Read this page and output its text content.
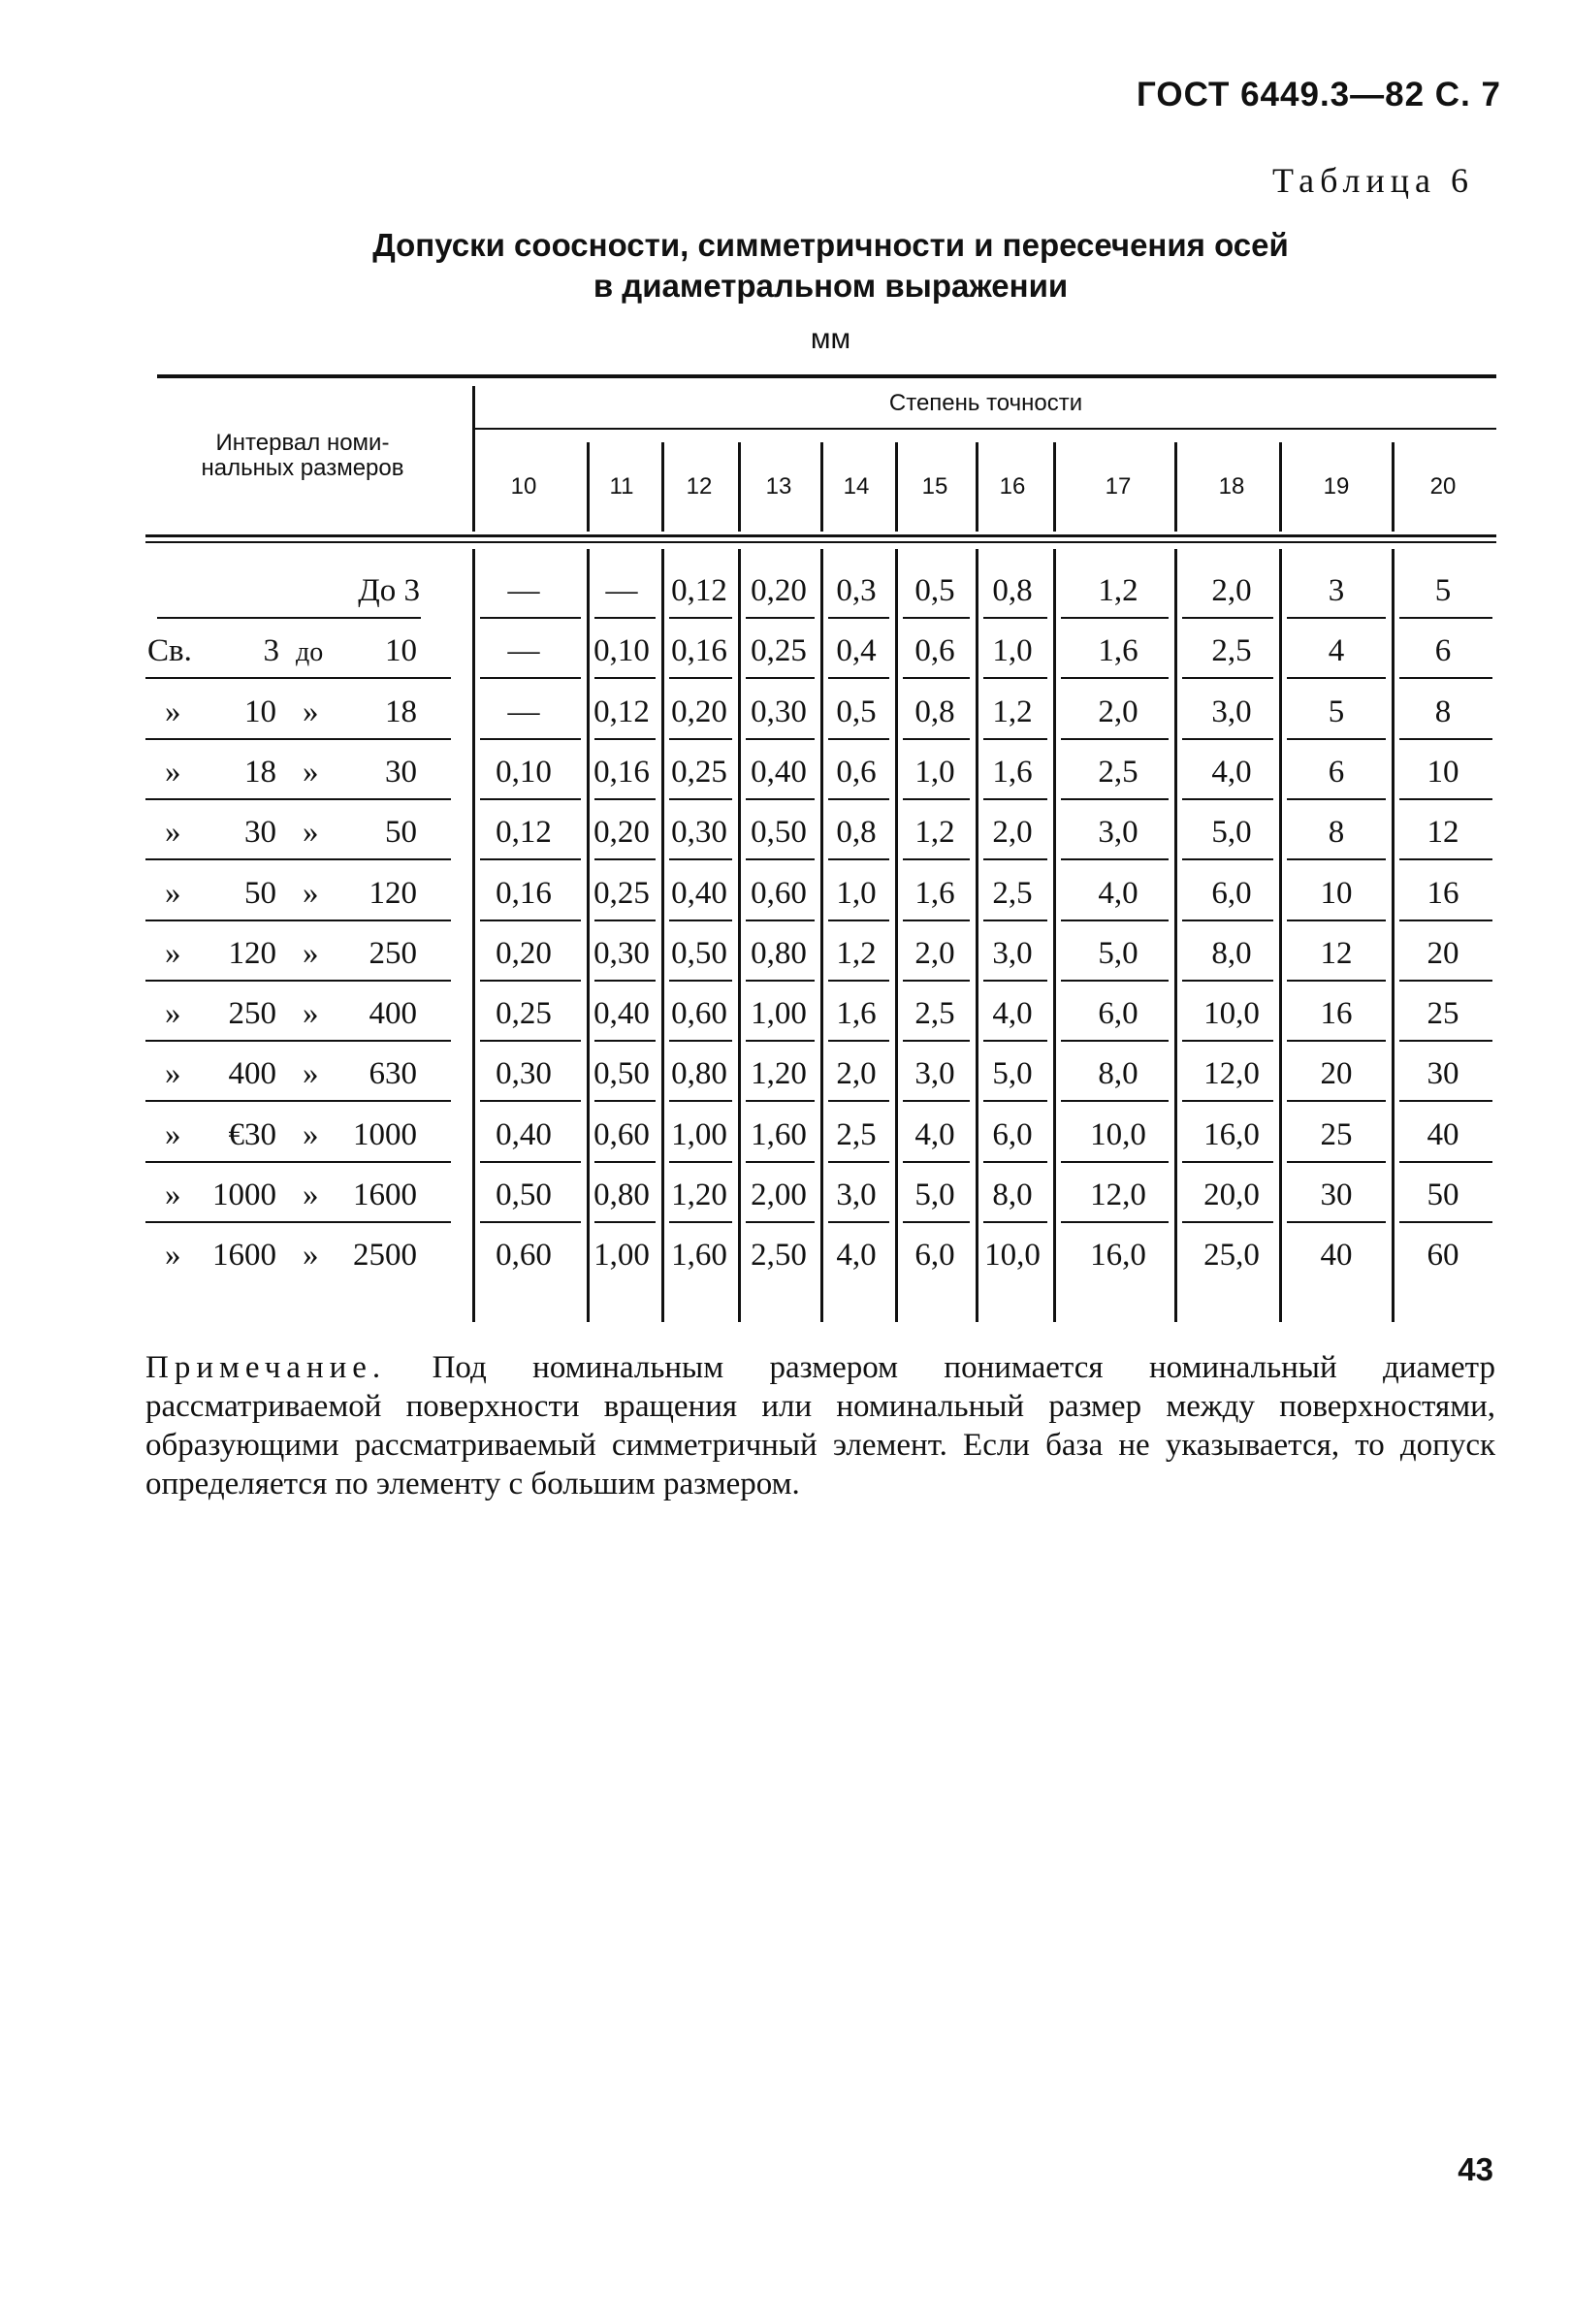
ГОСТ 6449.3—82 С. 7
Таблица 6
Допуски соосности, симметричности и пересечения осей
в диаметральном выражении
мм
Интервал номи-
нальных размеров
Степень точности
10	11 12 13 14 15 16	17	18	19	20
До 3	— — 0,12 0,20 0,3 0,5 0,8 1,2 2,0 3	5
Св. 3 до 10	— 0,10 0,16 0,25 0,4 0,6 1,0 1,6 2,5 4	6
» 10 » 18	— 0,12 0,20 0,30 0,5 0,8 1,2 2,0 3,0 5	8
» 18 » 30 0,10 0,16 0,25 0,40 0,6 1,0 1,6 2,5 4,0 6	10
» 30 » 50 0,12 0,20 0,30 0,50 0,8 1,2 2,0 3,0 5,0 8	12
» 50 » 120 0,16 0,25 0,40 0,60 1,0 1,6 2,5 4,0 6,0 10 16
» 120 » 250 0,20 0,30 0,50 0,80 1,2 2,0 3,0 5,0 8,0 12 20
» 250 » 400 0,25 0,40 0,60 1,00 1,6 2,5 4,0 6,0 10,0 16 25
» 400 » 630 0,30 0,50 0,80 1,20 2,0 3,0 5,0 8,0 12,0 20 30
» €30 » 1000 0,40 0,60 1,00 1,60 2,5 4,0 6,0 10,0 16,0 25 40
» 1000 » 1600 0,50 0,80 1,20 2,00 3,0 5,0 8,0 12,0 20,0 30 50
» 1600 » 2500 0,60 1,00 1,60 2,50 4,0 6,0 10,0 16,0 25,0 40 60
Примечание. Под номинальным размером понимается номинальный диаметр рассматриваемой поверхности вращения или номинальный размер между поверхностями, образующими рассматриваемый симметричный элемент. Если база не указывается, то допуск определяется по элементу с большим размером.
43
